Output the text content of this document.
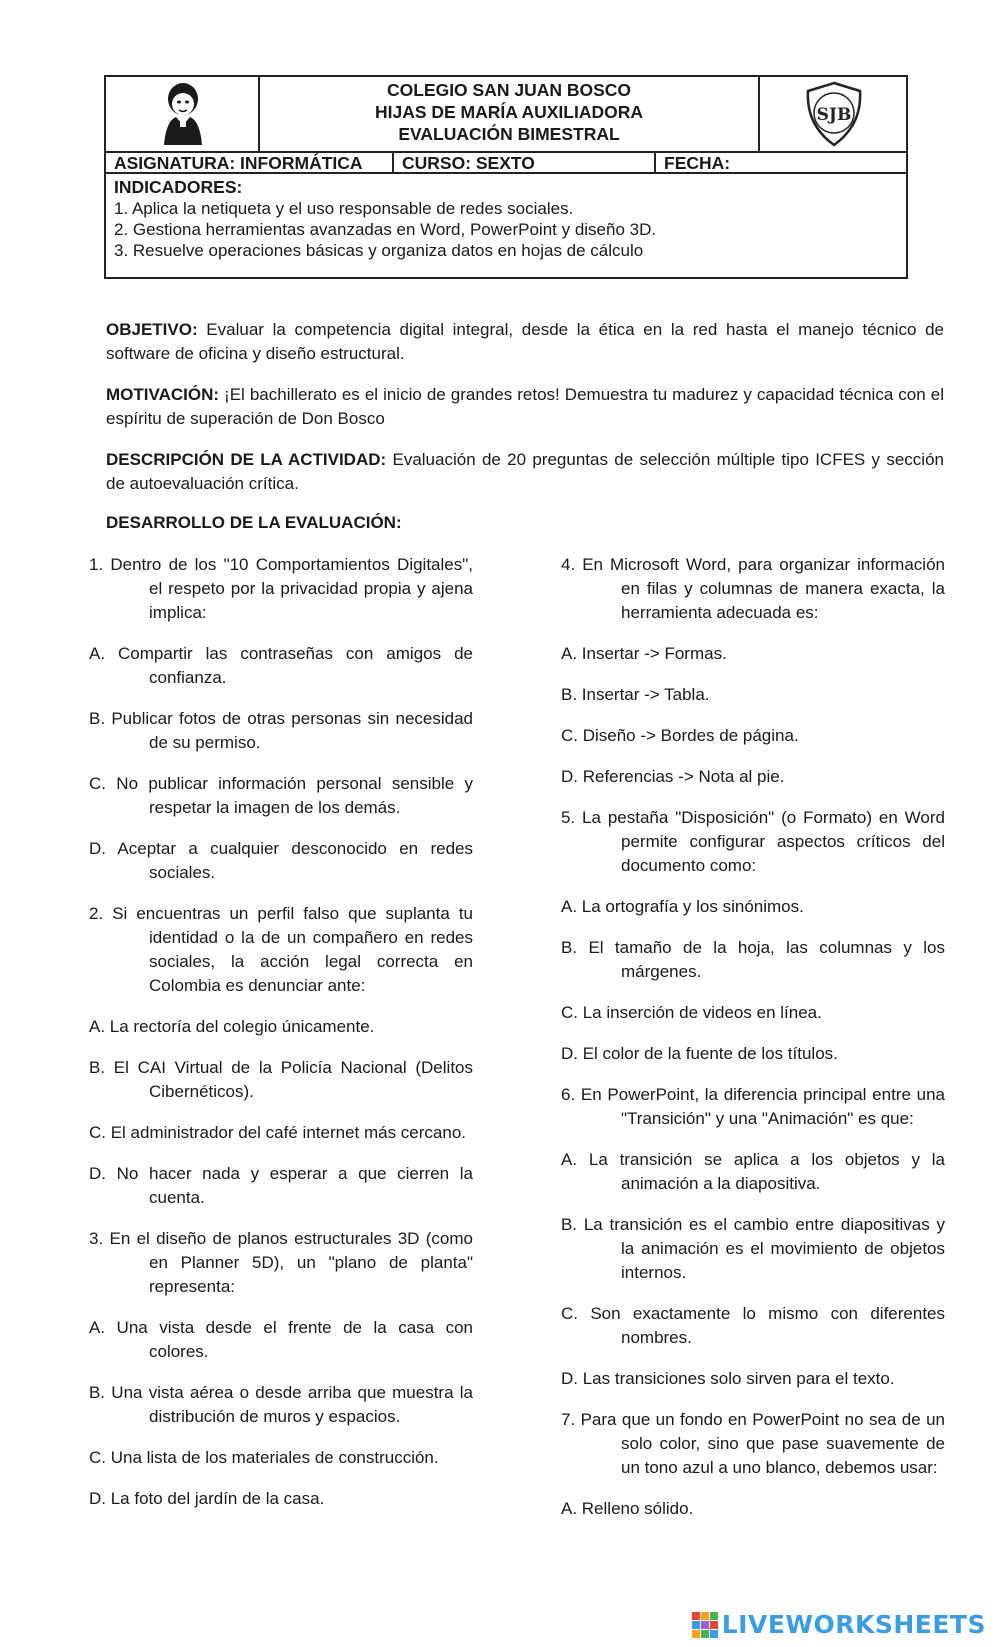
COLEGIO SAN JUAN BOSCO
HIJAS DE MARÍA AUXILIADORA
EVALUACIÓN BIMESTRAL
SJB
ASIGNATURA: INFORMÁTICA CURSO: SEXTO	FECHA:
INDICADORES:
1. Aplica la netiqueta y el uso responsable de redes sociales.
2. Gestiona herramientas avanzadas en Word, PowerPoint y diseño 3D.
3. Resuelve operaciones básicas y organiza datos en hojas de cálculo
OBJETIVO: Evaluar la competencia digital integral, desde la ética en la red hasta el manejo técnico de software de oficina y diseño estructural.
MOTIVACIÓN: ¡El bachillerato es el inicio de grandes retos! Demuestra tu madurez y capacidad técnica con el espíritu de superación de Don Bosco
DESCRIPCIÓN DE LA ACTIVIDAD: Evaluación de 20 preguntas de selección múltiple tipo ICFES y sección de autoevaluación crítica.
DESARROLLO DE LA EVALUACIÓN:
1. Dentro de los "10 Comportamientos Digitales", el respeto por la privacidad propia y ajena implica:
A. Compartir las contraseñas con amigos de confianza.
B. Publicar fotos de otras personas sin necesidad de su permiso.
C. No publicar información personal sensible y respetar la imagen de los demás.
D. Aceptar a cualquier desconocido en redes sociales.
2. Si encuentras un perfil falso que suplanta tu identidad o la de un compañero en redes sociales, la acción legal correcta en Colombia es denunciar ante:
A. La rectoría del colegio únicamente.
B. El CAI Virtual de la Policía Nacional (Delitos Cibernéticos).
C. El administrador del café internet más cercano.
D. No hacer nada y esperar a que cierren la cuenta.
3. En el diseño de planos estructurales 3D (como en Planner 5D), un "plano de planta" representa:
A. Una vista desde el frente de la casa con colores.
B. Una vista aérea o desde arriba que muestra la distribución de muros y espacios.
C. Una lista de los materiales de construcción.
D. La foto del jardín de la casa.
4. En Microsoft Word, para organizar información en filas y columnas de manera exacta, la herramienta adecuada es:
A. Insertar -> Formas.
B. Insertar -> Tabla.
C. Diseño -> Bordes de página.
D. Referencias -> Nota al pie.
5. La pestaña "Disposición" (o Formato) en Word permite configurar aspectos críticos del documento como:
A. La ortografía y los sinónimos.
B. El tamaño de la hoja, las columnas y los márgenes.
C. La inserción de videos en línea.
D. El color de la fuente de los títulos.
6. En PowerPoint, la diferencia principal entre una "Transición" y una "Animación" es que:
A. La transición se aplica a los objetos y la animación a la diapositiva.
B. La transición es el cambio entre diapositivas y la animación es el movimiento de objetos internos.
C. Son exactamente lo mismo con diferentes nombres.
D. Las transiciones solo sirven para el texto.
7. Para que un fondo en PowerPoint no sea de un solo color, sino que pase suavemente de un tono azul a uno blanco, debemos usar:
A. Relleno sólido.
LIVEWORKSHEETS
